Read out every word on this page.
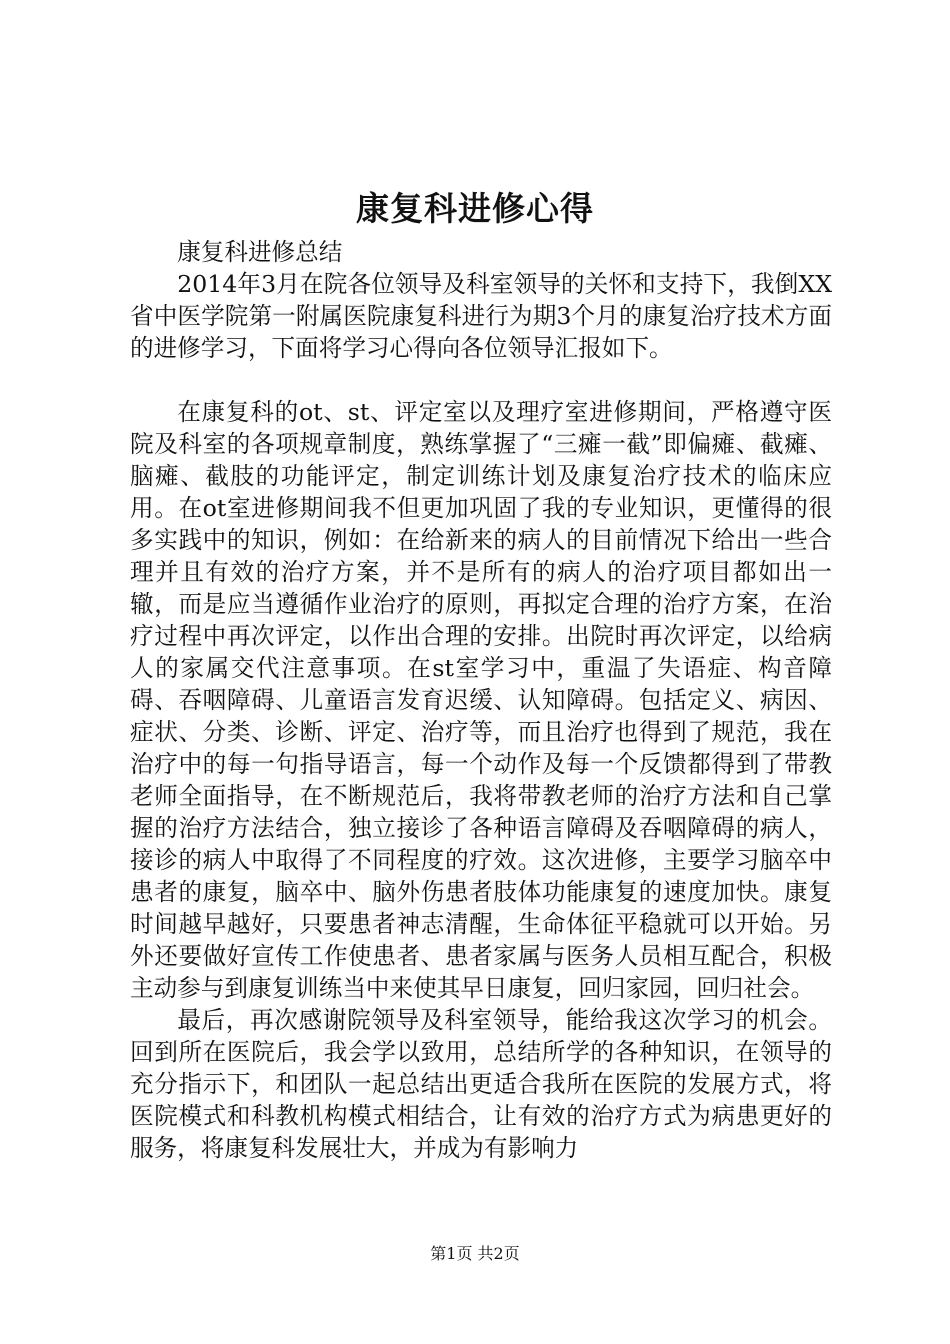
康复科进修心得

康复科进修总结

2014年3月在院各位领导及科室领导的关怀和支持下，我倒XX省中医学院第一附属医院康复科进行为期3个月的康复治疗技术方面的进修学习，下面将学习心得向各位领导汇报如下。

在康复科的ot、st、评定室以及理疗室进修期间，严格遵守医院及科室的各项规章制度，熟练掌握了“三瘫一截”即偏瘫、截瘫、脑瘫、截肢的功能评定，制定训练计划及康复治疗技术的临床应用。在ot室进修期间我不但更加巩固了我的专业知识，更懂得的很多实践中的知识，例如：在给新来的病人的目前情况下给出一些合理并且有效的治疗方案，并不是所有的病人的治疗项目都如出一辙，而是应当遵循作业治疗的原则，再拟定合理的治疗方案，在治疗过程中再次评定，以作出合理的安排。出院时再次评定，以给病人的家属交代注意事项。在st室学习中，重温了失语症、构音障碍、吞咽障碍、儿童语言发育迟缓、认知障碍。包括定义、病因、症状、分类、诊断、评定、治疗等，而且治疗也得到了规范，我在治疗中的每一句指导语言，每一个动作及每一个反馈都得到了带教老师全面指导，在不断规范后，我将带教老师的治疗方法和自己掌握的治疗方法结合，独立接诊了各种语言障碍及吞咽障碍的病人，接诊的病人中取得了不同程度的疗效。这次进修，主要学习脑卒中患者的康复，脑卒中、脑外伤患者肢体功能康复的速度加快。康复时间越早越好，只要患者神志清醒，生命体征平稳就可以开始。另外还要做好宣传工作使患者、患者家属与医务人员相互配合，积极主动参与到康复训练当中来使其早日康复，回归家园，回归社会。

最后，再次感谢院领导及科室领导，能给我这次学习的机会。回到所在医院后，我会学以致用，总结所学的各种知识，在领导的充分指示下，和团队一起总结出更适合我所在医院的发展方式，将医院模式和科教机构模式相结合，让有效的治疗方式为病患更好的服务，将康复科发展壮大，并成为有影响力

第1页 共2页
